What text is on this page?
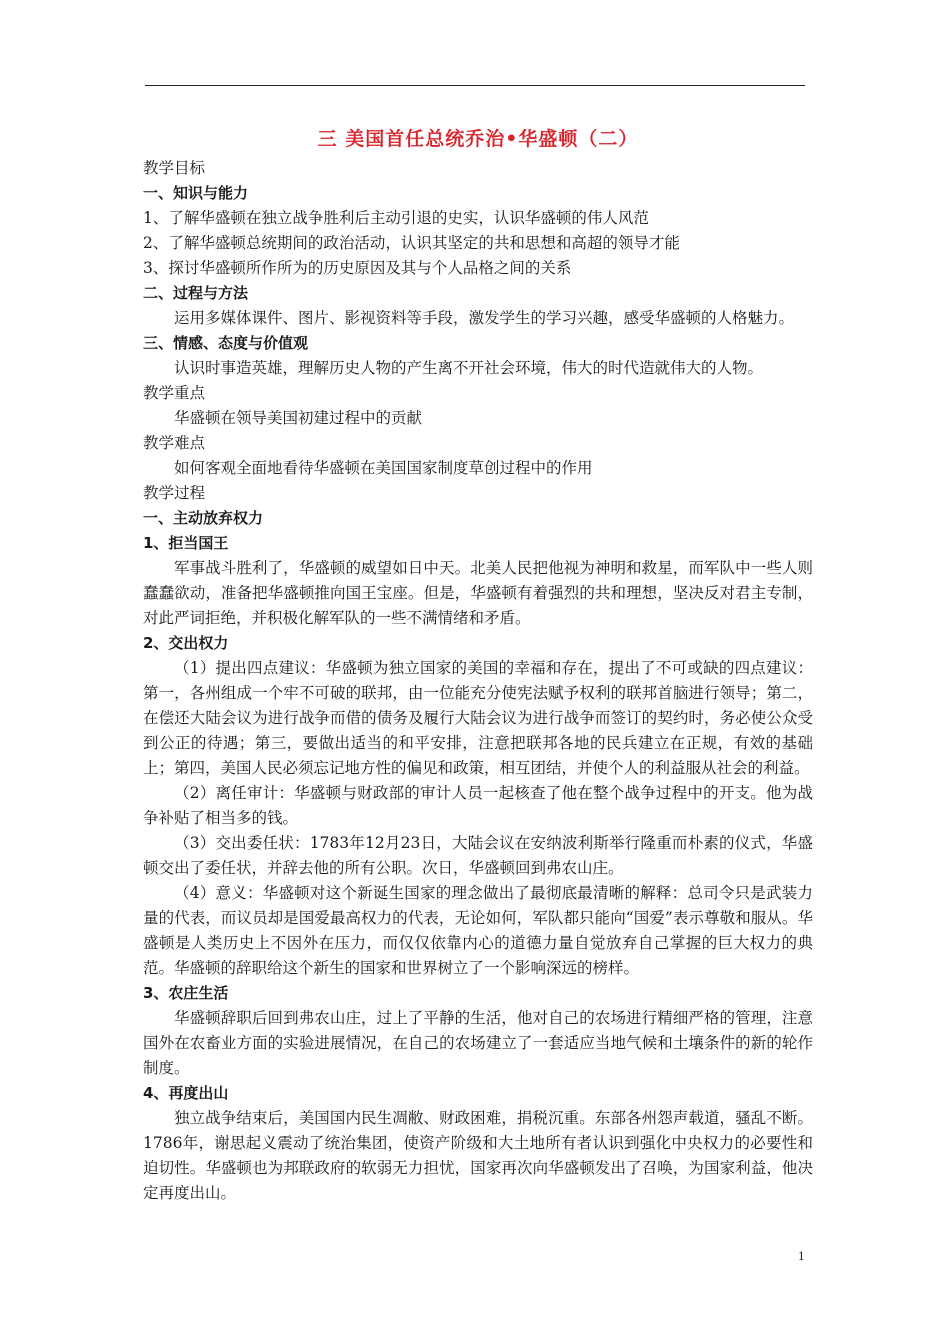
三 美国首任总统乔治•华盛顿（二）

教学目标

一、知识与能力

1、了解华盛顿在独立战争胜利后主动引退的史实，认识华盛顿的伟人风范

2、了解华盛顿总统期间的政治活动，认识其坚定的共和思想和高超的领导才能

3、探讨华盛顿所作所为的历史原因及其与个人品格之间的关系

二、过程与方法

运用多媒体课件、图片、影视资料等手段，激发学生的学习兴趣，感受华盛顿的人格魅力。

三、情感、态度与价值观

认识时事造英雄，理解历史人物的产生离不开社会环境，伟大的时代造就伟大的人物。

教学重点

华盛顿在领导美国初建过程中的贡献

教学难点

如何客观全面地看待华盛顿在美国国家制度草创过程中的作用

教学过程

一、主动放弃权力

1、拒当国王

军事战斗胜利了，华盛顿的威望如日中天。北美人民把他视为神明和救星，而军队中一些人则蠢蠢欲动，准备把华盛顿推向国王宝座。但是，华盛顿有着强烈的共和理想，坚决反对君主专制，对此严词拒绝，并积极化解军队的一些不满情绪和矛盾。

2、交出权力

（1）提出四点建议：华盛顿为独立国家的美国的幸福和存在，提出了不可或缺的四点建议：第一，各州组成一个牢不可破的联邦，由一位能充分使宪法赋予权利的联邦首脑进行领导；第二，在偿还大陆会议为进行战争而借的债务及履行大陆会议为进行战争而签订的契约时，务必使公众受到公正的待遇；第三，要做出适当的和平安排，注意把联邦各地的民兵建立在正规，有效的基础上；第四，美国人民必须忘记地方性的偏见和政策，相互团结，并使个人的利益服从社会的利益。

（2）离任审计：华盛顿与财政部的审计人员一起核查了他在整个战争过程中的开支。他为战争补贴了相当多的钱。

（3）交出委任状：1783年12月23日，大陆会议在安纳波利斯举行隆重而朴素的仪式，华盛顿交出了委任状，并辞去他的所有公职。次日，华盛顿回到弗农山庄。

（4）意义：华盛顿对这个新诞生国家的理念做出了最彻底最清晰的解释：总司令只是武装力量的代表，而议员却是国爱最高权力的代表，无论如何，军队都只能向“国爱”表示尊敬和服从。华盛顿是人类历史上不因外在压力，而仅仅依靠内心的道德力量自觉放弃自己掌握的巨大权力的典范。华盛顿的辞职给这个新生的国家和世界树立了一个影响深远的榜样。

3、农庄生活

华盛顿辞职后回到弗农山庄，过上了平静的生活，他对自己的农场进行精细严格的管理，注意国外在农畜业方面的实验进展情况，在自己的农场建立了一套适应当地气候和土壤条件的新的轮作制度。

4、再度出山

独立战争结束后，美国国内民生凋敝、财政困难，捐税沉重。东部各州怨声载道，骚乱不断。1786年，谢思起义震动了统治集团，使资产阶级和大土地所有者认识到强化中央权力的必要性和迫切性。华盛顿也为邦联政府的软弱无力担忧，国家再次向华盛顿发出了召唤，为国家利益，他决定再度出山。

1
